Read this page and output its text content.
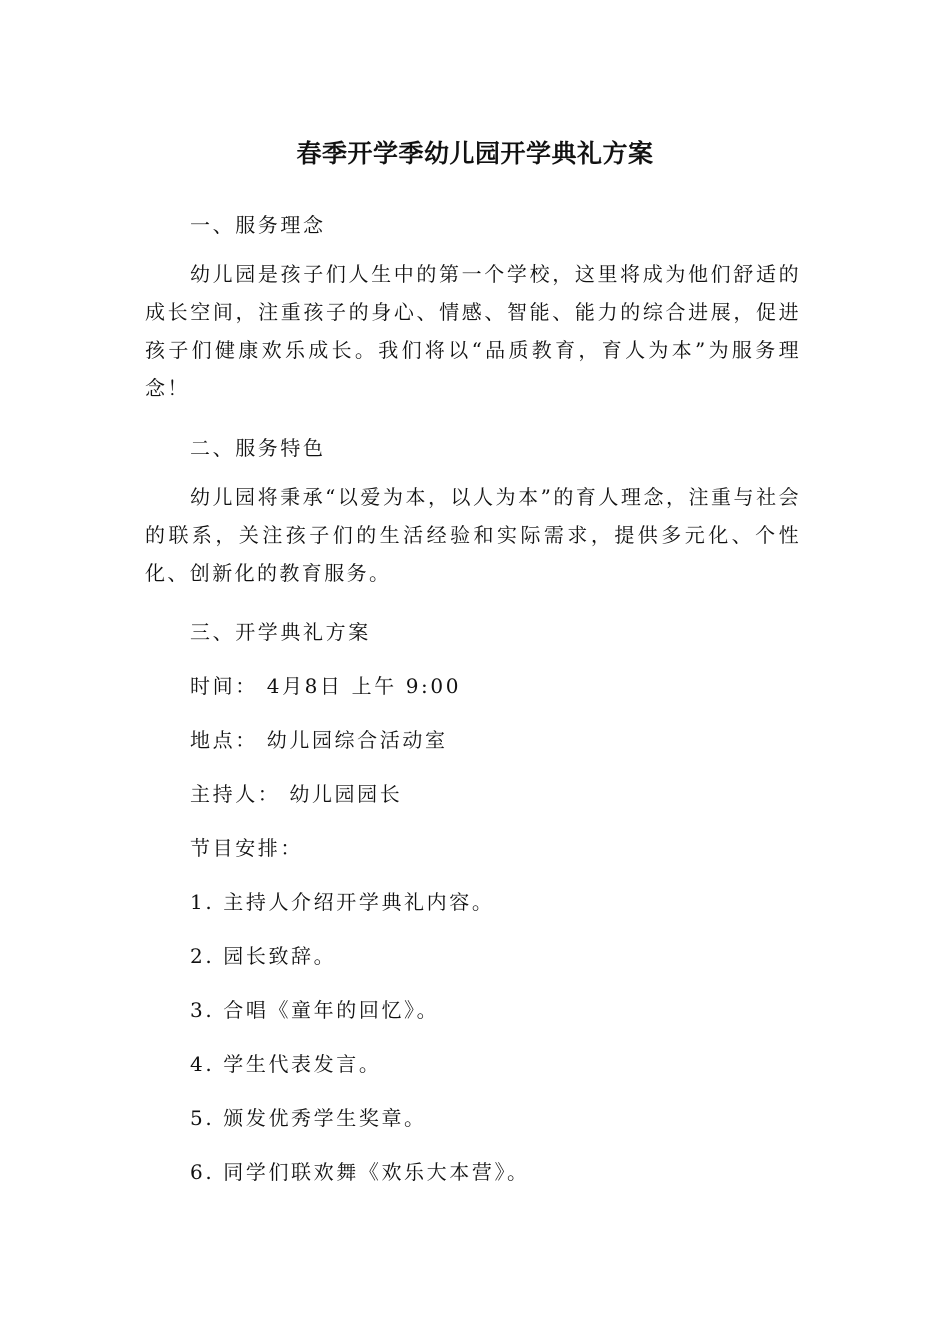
春季开学季幼儿园开学典礼方案
一、服务理念
幼儿园是孩子们人生中的第一个学校，这里将成为他们舒适的成长空间，注重孩子的身心、情感、智能、能力的综合进展，促进孩子们健康欢乐成长。我们将以“品质教育，育人为本”为服务理念！
二、服务特色
幼儿园将秉承“以爱为本，以人为本”的育人理念，注重与社会的联系，关注孩子们的生活经验和实际需求，提供多元化、个性化、创新化的教育服务。
三、开学典礼方案
时间： 4月8日 上午 9:00
地点： 幼儿园综合活动室
主持人： 幼儿园园长
节目安排：
1. 主持人介绍开学典礼内容。
2. 园长致辞。
3. 合唱《童年的回忆》。
4. 学生代表发言。
5. 颁发优秀学生奖章。
6. 同学们联欢舞《欢乐大本营》。
